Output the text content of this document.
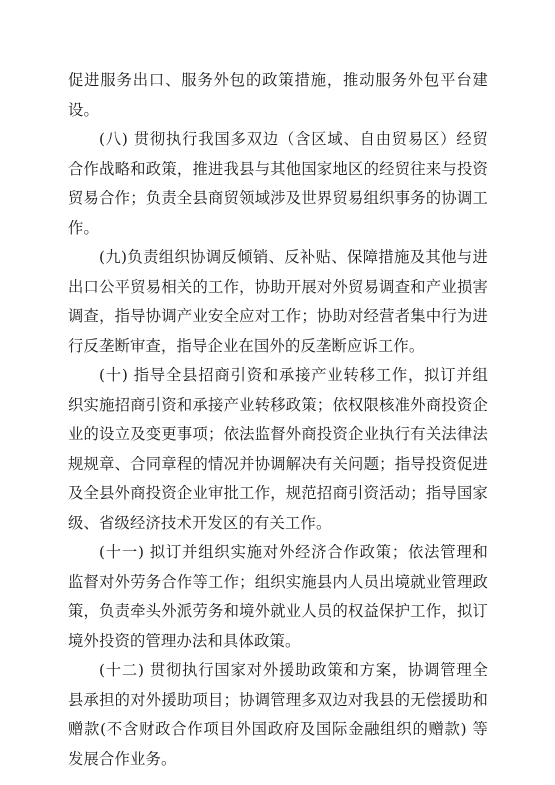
促进服务出口、服务外包的政策措施，推动服务外包平台建设。

(八) 贯彻执行我国多双边（含区域、自由贸易区）经贸合作战略和政策，推进我县与其他国家地区的经贸往来与投资贸易合作；负责全县商贸领域涉及世界贸易组织事务的协调工作。

(九)负责组织协调反倾销、反补贴、保障措施及其他与进出口公平贸易相关的工作，协助开展对外贸易调查和产业损害调查，指导协调产业安全应对工作；协助对经营者集中行为进行反垄断审查，指导企业在国外的反垄断应诉工作。

(十) 指导全县招商引资和承接产业转移工作，拟订并组织实施招商引资和承接产业转移政策；依权限核准外商投资企业的设立及变更事项；依法监督外商投资企业执行有关法律法规规章、合同章程的情况并协调解决有关问题；指导投资促进及全县外商投资企业审批工作，规范招商引资活动；指导国家级、省级经济技术开发区的有关工作。

(十一) 拟订并组织实施对外经济合作政策；依法管理和监督对外劳务合作等工作；组织实施县内人员出境就业管理政策，负责牵头外派劳务和境外就业人员的权益保护工作，拟订境外投资的管理办法和具体政策。

(十二) 贯彻执行国家对外援助政策和方案，协调管理全县承担的对外援助项目；协调管理多双边对我县的无偿援助和赠款(不含财政合作项目外国政府及国际金融组织的赠款) 等发展合作业务。
